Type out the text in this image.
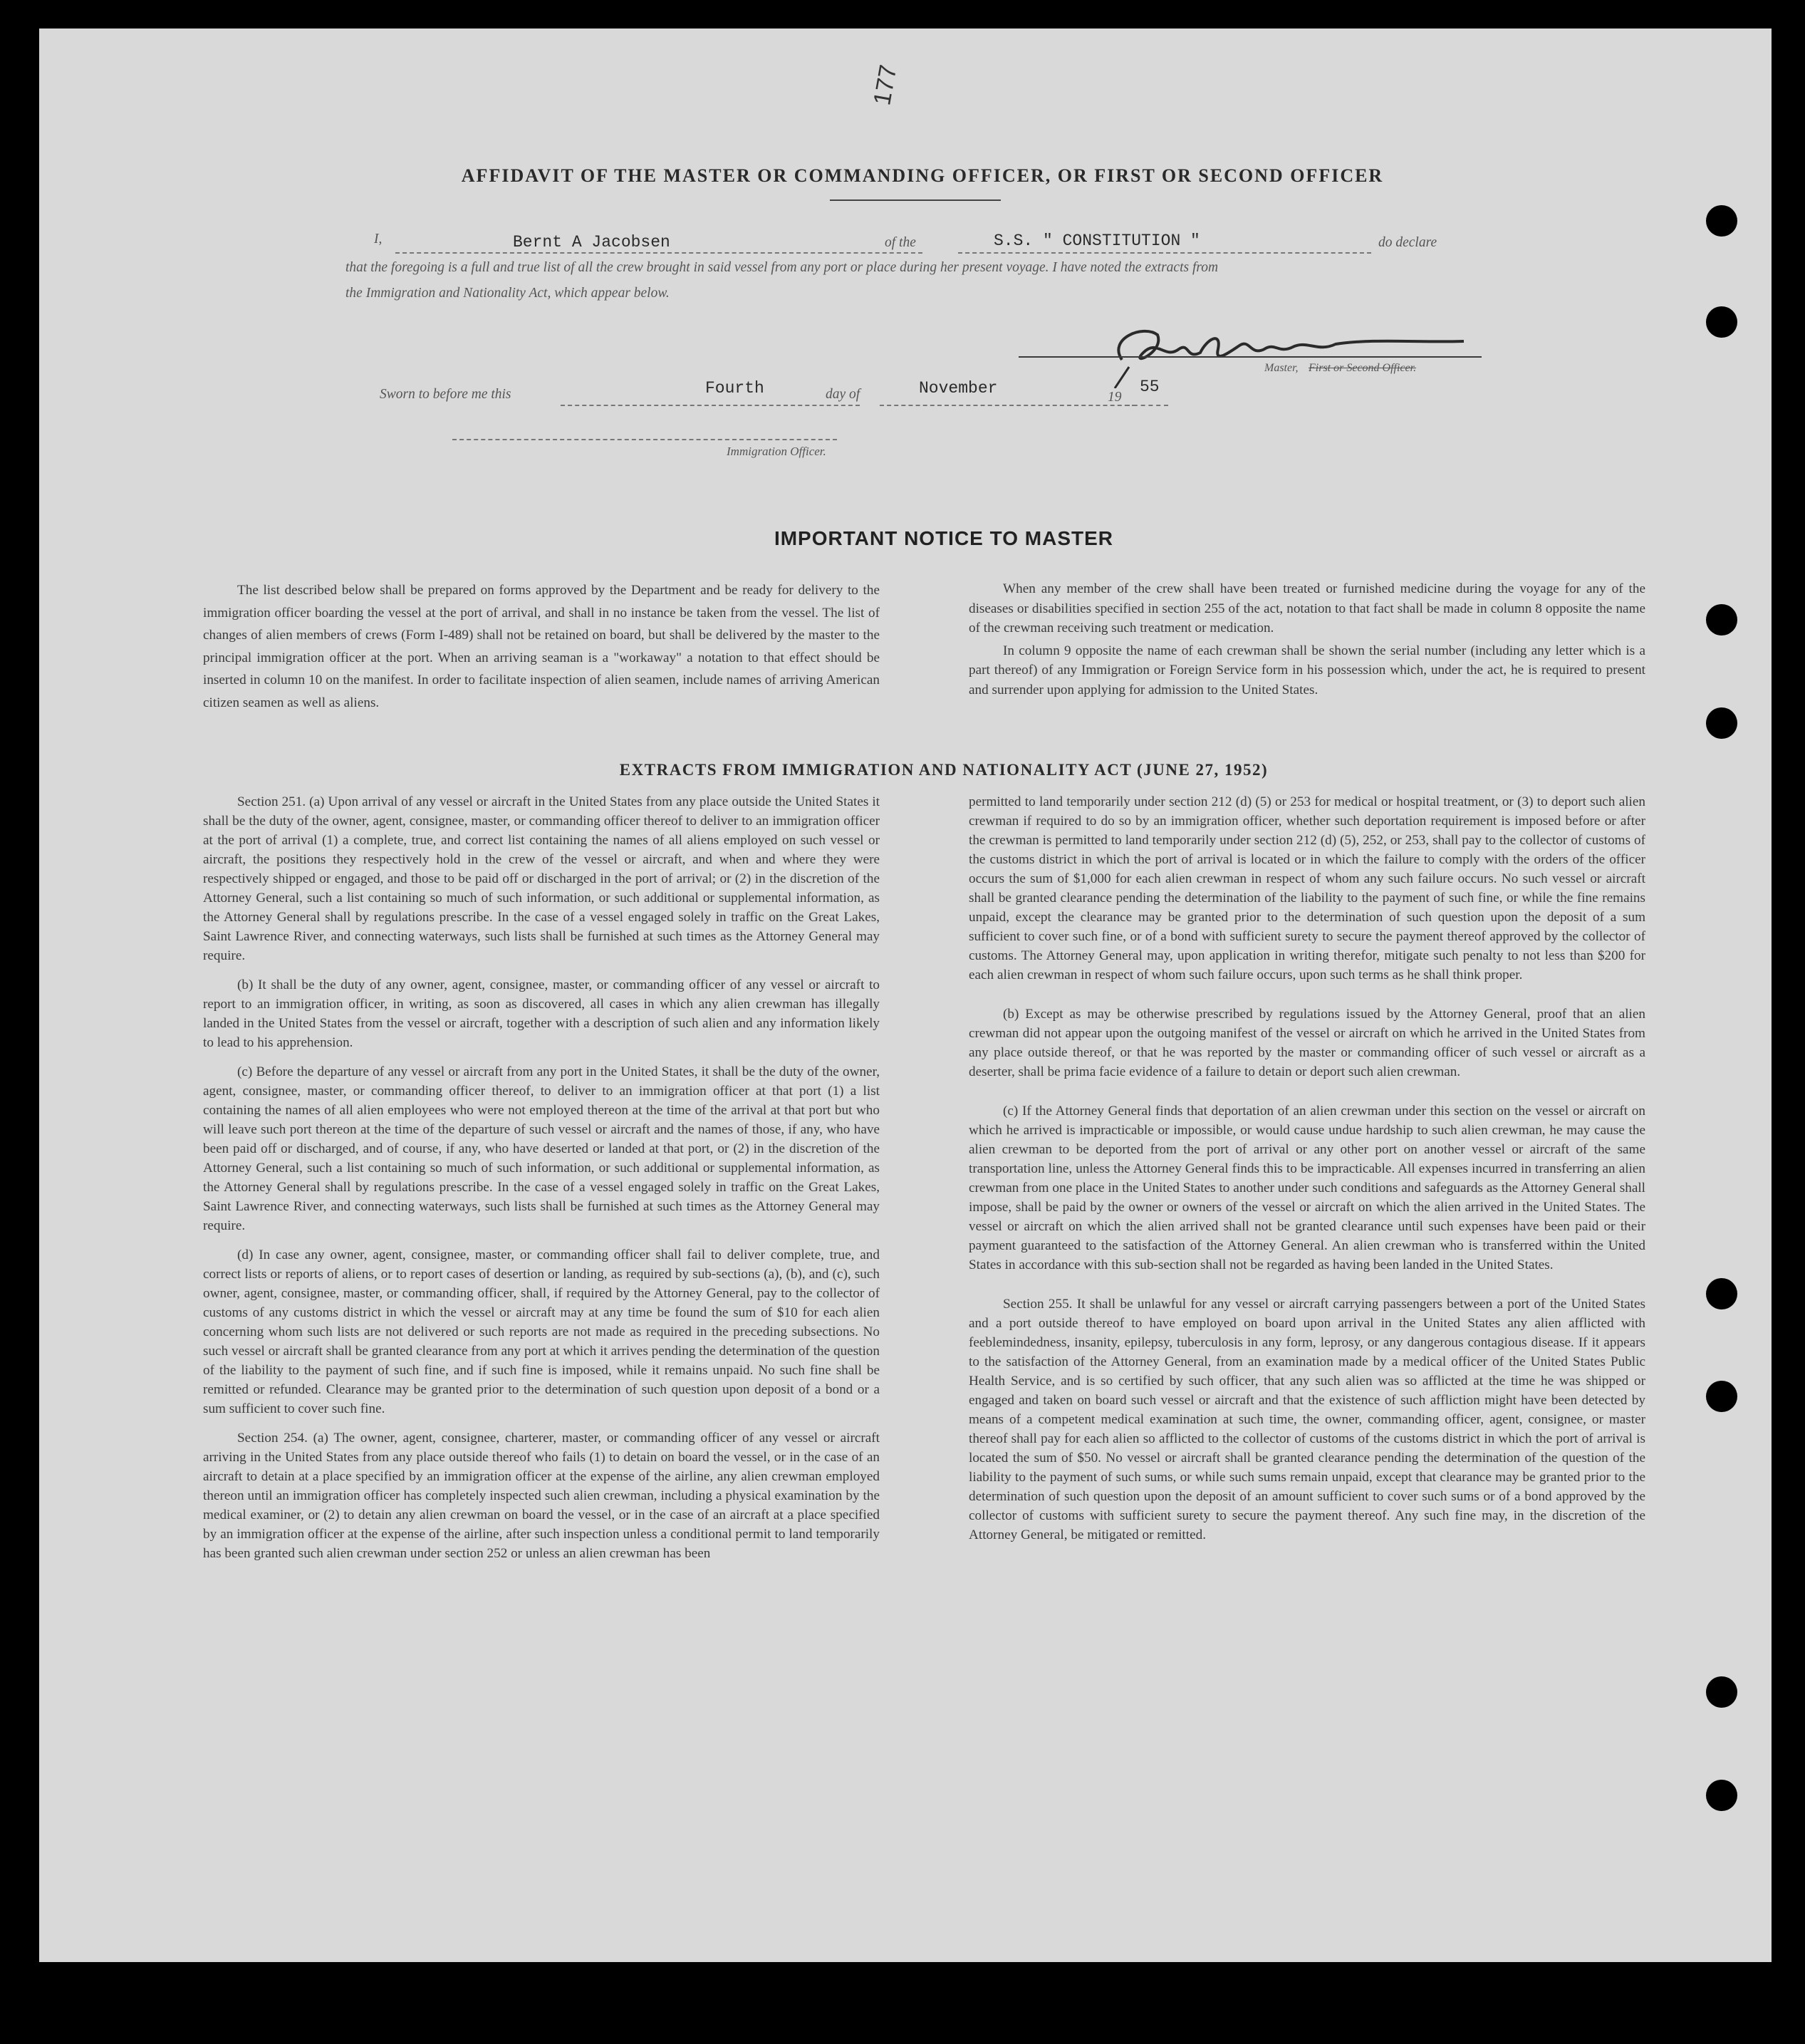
177
AFFIDAVIT OF THE MASTER OR COMMANDING OFFICER, OR FIRST OR SECOND OFFICER
I,	Bernt A Jacobsen	of the	S.S. " CONSTITUTION "	do declare
that the foregoing is a full and true list of all the crew brought in said vessel from any port or place during her present voyage. I have noted the extracts from
the Immigration and Nationality Act, which appear below.
Master, First or Second Officer.
Sworn to before me this	Fourth	day of	November	19
55
Immigration Officer.
IMPORTANT NOTICE TO MASTER

The list described below shall be prepared on forms approved by the Department and be ready for delivery to the immigration officer boarding the vessel at the port of arrival, and shall in no instance be taken from the vessel. The list of changes of alien members of crews (Form I-489) shall not be retained on board, but shall be delivered by the master to the principal immigration officer at the port. When an arriving seaman is a "workaway" a notation to that effect should be inserted in column 10 on the manifest. In order to facilitate inspection of alien seamen, include names of arriving American citizen seamen as well as aliens.

When any member of the crew shall have been treated or furnished medicine during the voyage for any of the diseases or disabilities specified in section 255 of the act, notation to that fact shall be made in column 8 opposite the name of the crewman receiving such treatment or medication.

In column 9 opposite the name of each crewman shall be shown the serial number (including any letter which is a part thereof) of any Immigration or Foreign Service form in his possession which, under the act, he is required to present and surrender upon applying for admission to the United States.

EXTRACTS FROM IMMIGRATION AND NATIONALITY ACT (JUNE 27, 1952)

Section 251. (a) Upon arrival of any vessel or aircraft in the United States from any place outside the United States it shall be the duty of the owner, agent, consignee, master, or commanding officer thereof to deliver to an immigration officer at the port of arrival (1) a complete, true, and correct list containing the names of all aliens employed on such vessel or aircraft, the positions they respectively hold in the crew of the vessel or aircraft, and when and where they were respectively shipped or engaged, and those to be paid off or discharged in the port of arrival; or (2) in the discretion of the Attorney General, such a list containing so much of such information, or such additional or supplemental information, as the Attorney General shall by regulations prescribe. In the case of a vessel engaged solely in traffic on the Great Lakes, Saint Lawrence River, and connecting waterways, such lists shall be furnished at such times as the Attorney General may require.

(b) It shall be the duty of any owner, agent, consignee, master, or commanding officer of any vessel or aircraft to report to an immigration officer, in writing, as soon as discovered, all cases in which any alien crewman has illegally landed in the United States from the vessel or aircraft, together with a description of such alien and any information likely to lead to his apprehension.

(c) Before the departure of any vessel or aircraft from any port in the United States, it shall be the duty of the owner, agent, consignee, master, or commanding officer thereof, to deliver to an immigration officer at that port (1) a list containing the names of all alien employees who were not employed thereon at the time of the arrival at that port but who will leave such port thereon at the time of the departure of such vessel or aircraft and the names of those, if any, who have been paid off or discharged, and of course, if any, who have deserted or landed at that port, or (2) in the discretion of the Attorney General, such a list containing so much of such information, or such additional or supplemental information, as the Attorney General shall by regulations prescribe. In the case of a vessel engaged solely in traffic on the Great Lakes, Saint Lawrence River, and connecting waterways, such lists shall be furnished at such times as the Attorney General may require.

(d) In case any owner, agent, consignee, master, or commanding officer shall fail to deliver complete, true, and correct lists or reports of aliens, or to report cases of desertion or landing, as required by sub-sections (a), (b), and (c), such owner, agent, consignee, master, or commanding officer, shall, if required by the Attorney General, pay to the collector of customs of any customs district in which the vessel or aircraft may at any time be found the sum of $10 for each alien concerning whom such lists are not delivered or such reports are not made as required in the preceding subsections. No such vessel or aircraft shall be granted clearance from any port at which it arrives pending the determination of the question of the liability to the payment of such fine, and if such fine is imposed, while it remains unpaid. No such fine shall be remitted or refunded. Clearance may be granted prior to the determination of such question upon deposit of a bond or a sum sufficient to cover such fine.

Section 254. (a) The owner, agent, consignee, charterer, master, or commanding officer of any vessel or aircraft arriving in the United States from any place outside thereof who fails (1) to detain on board the vessel, or in the case of an aircraft to detain at a place specified by an immigration officer at the expense of the airline, any alien crewman employed thereon until an immigration officer has completely inspected such alien crewman, including a physical examination by the medical examiner, or (2) to detain any alien crewman on board the vessel, or in the case of an aircraft at a place specified by an immigration officer at the expense of the airline, after such inspection unless a conditional permit to land temporarily has been granted such alien crewman under section 252 or unless an alien crewman has been

permitted to land temporarily under section 212 (d) (5) or 253 for medical or hospital treatment, or (3) to deport such alien crewman if required to do so by an immigration officer, whether such deportation requirement is imposed before or after the crewman is permitted to land temporarily under section 212 (d) (5), 252, or 253, shall pay to the collector of customs of the customs district in which the port of arrival is located or in which the failure to comply with the orders of the officer occurs the sum of $1,000 for each alien crewman in respect of whom any such failure occurs. No such vessel or aircraft shall be granted clearance pending the determination of the liability to the payment of such fine, or while the fine remains unpaid, except the clearance may be granted prior to the determination of such question upon the deposit of a sum sufficient to cover such fine, or of a bond with sufficient surety to secure the payment thereof approved by the collector of customs. The Attorney General may, upon application in writing therefor, mitigate such penalty to not less than $200 for each alien crewman in respect of whom such failure occurs, upon such terms as he shall think proper.

(b) Except as may be otherwise prescribed by regulations issued by the Attorney General, proof that an alien crewman did not appear upon the outgoing manifest of the vessel or aircraft on which he arrived in the United States from any place outside thereof, or that he was reported by the master or commanding officer of such vessel or aircraft as a deserter, shall be prima facie evidence of a failure to detain or deport such alien crewman.

(c) If the Attorney General finds that deportation of an alien crewman under this section on the vessel or aircraft on which he arrived is impracticable or impossible, or would cause undue hardship to such alien crewman, he may cause the alien crewman to be deported from the port of arrival or any other port on another vessel or aircraft of the same transportation line, unless the Attorney General finds this to be impracticable. All expenses incurred in transferring an alien crewman from one place in the United States to another under such conditions and safeguards as the Attorney General shall impose, shall be paid by the owner or owners of the vessel or aircraft on which the alien arrived in the United States. The vessel or aircraft on which the alien arrived shall not be granted clearance until such expenses have been paid or their payment guaranteed to the satisfaction of the Attorney General. An alien crewman who is transferred within the United States in accordance with this sub-section shall not be regarded as having been landed in the United States.

Section 255. It shall be unlawful for any vessel or aircraft carrying passengers between a port of the United States and a port outside thereof to have employed on board upon arrival in the United States any alien afflicted with feeblemindedness, insanity, epilepsy, tuberculosis in any form, leprosy, or any dangerous contagious disease. If it appears to the satisfaction of the Attorney General, from an examination made by a medical officer of the United States Public Health Service, and is so certified by such officer, that any such alien was so afflicted at the time he was shipped or engaged and taken on board such vessel or aircraft and that the existence of such affliction might have been detected by means of a competent medical examination at such time, the owner, commanding officer, agent, consignee, or master thereof shall pay for each alien so afflicted to the collector of customs of the customs district in which the port of arrival is located the sum of $50. No vessel or aircraft shall be granted clearance pending the determination of the question of the liability to the payment of such sums, or while such sums remain unpaid, except that clearance may be granted prior to the determination of such question upon the deposit of an amount sufficient to cover such sums or of a bond approved by the collector of customs with sufficient surety to secure the payment thereof. Any such fine may, in the discretion of the Attorney General, be mitigated or remitted.
